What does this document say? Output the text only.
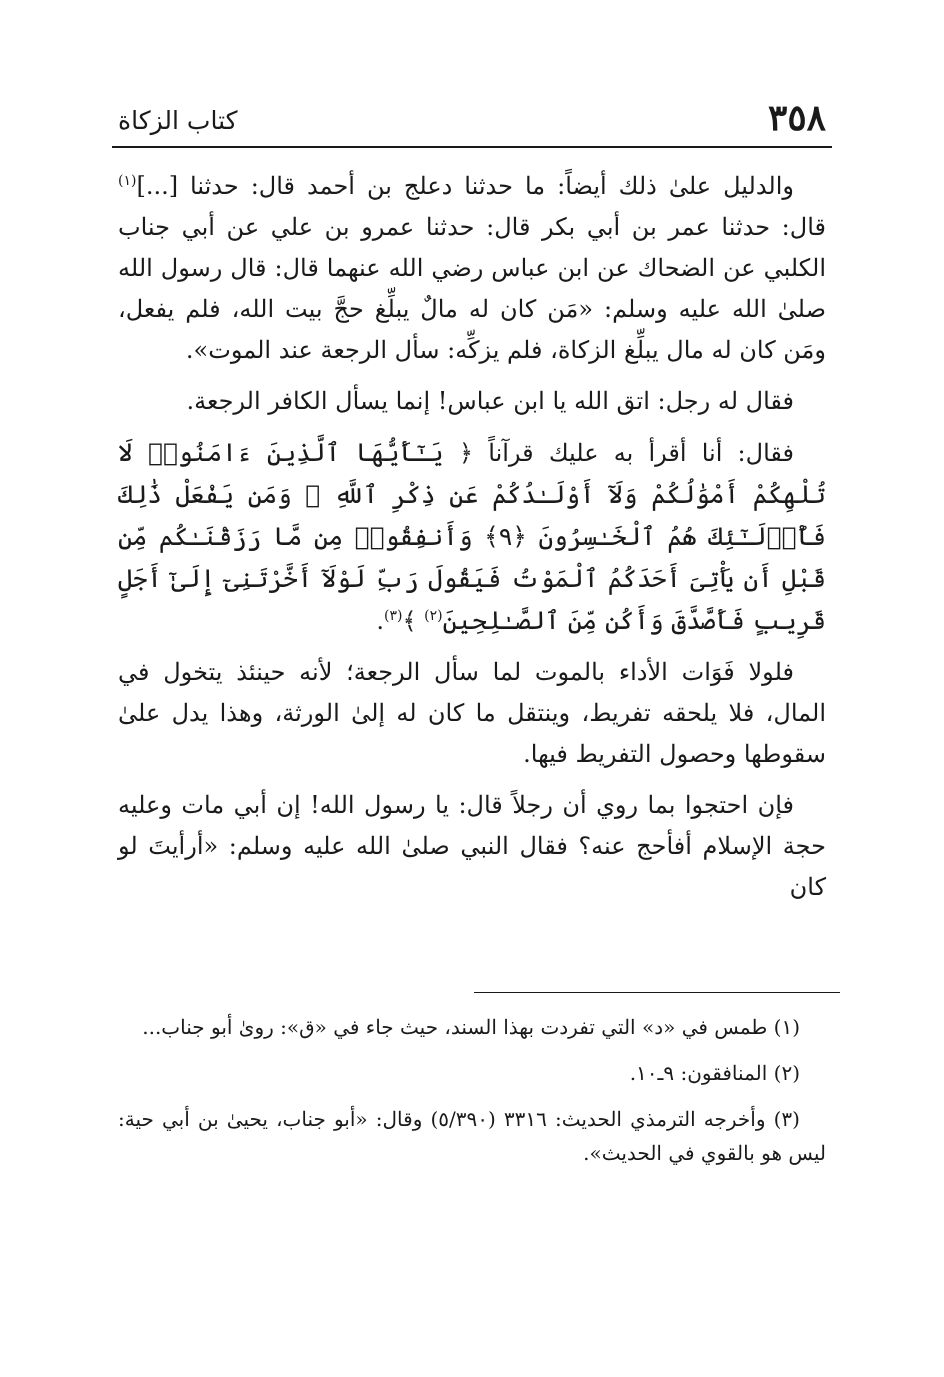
٣٥٨
كتاب الزكاة

والدليل علىٰ ذلك أيضاً: ما حدثنا دعلج بن أحمد قال: حدثنا [...]$^{(١)}$ قال: حدثنا عمر بن أبي بكر قال: حدثنا عمرو بن علي عن أبي جناب الكلبي عن الضحاك عن ابن عباس رضي الله عنهما قال: قال رسول الله صلىٰ الله عليه وسلم: «مَن كان له مالٌ يبلِّغ حجَّ بيت الله، فلم يفعل، ومَن كان له مال يبلِّغ الزكاة، فلم يزكِّه: سأل الرجعة عند الموت».

فقال له رجل: اتق الله يا ابن عباس! إنما يسأل الكافر الرجعة.

فقال: أنا أقرأ به عليك قرآناً ﴿ يَـٰٓأَيُّهَا ٱلَّذِينَ ءَامَنُوا۟ لَا تُلْهِكُمْ أَمْوَٰلُكُمْ وَلَآ أَوْلَـٰدُكُمْ عَن ذِكْرِ ٱللَّهِ ۚ وَمَن يَفْعَلْ ذَٰلِكَ فَأُو۟لَـٰٓئِكَ هُمُ ٱلْخَـٰسِرُونَ ﴿٩﴾ وَأَنفِقُوا۟ مِن مَّا رَزَقْنَـٰكُم مِّن قَبْلِ أَن يَأْتِىَ أَحَدَكُمُ ٱلْمَوْتُ فَيَقُولَ رَبِّ لَوْلَآ أَخَّرْتَنِىٓ إِلَىٰٓ أَجَلٍ قَرِيبٍ فَأَصَّدَّقَ وَأَكُن مِّنَ ٱلصَّـٰلِحِينَ$^{(٢)}$ ﴾$^{(٣)}$.

فلولا فَوَات الأداء بالموت لما سأل الرجعة؛ لأنه حينئذ يتخول في المال، فلا يلحقه تفريط، وينتقل ما كان له إلىٰ الورثة، وهذا يدل علىٰ سقوطها وحصول التفريط فيها.

فإن احتجوا بما روي أن رجلاً قال: يا رسول الله! إن أبي مات وعليه حجة الإسلام أفأحج عنه؟ فقال النبي صلىٰ الله عليه وسلم: «أرأيتَ لو كان

(١) طمس في «د» التي تفردت بهذا السند، حيث جاء في «ق»: روىٰ أبو جناب...

(٢) المنافقون: ٩ـ١٠.

(٣) وأخرجه الترمذي الحديث: ٣٣١٦ (٥/٣٩٠) وقال: «أبو جناب، يحيىٰ بن أبي حية: ليس هو بالقوي في الحديث».
